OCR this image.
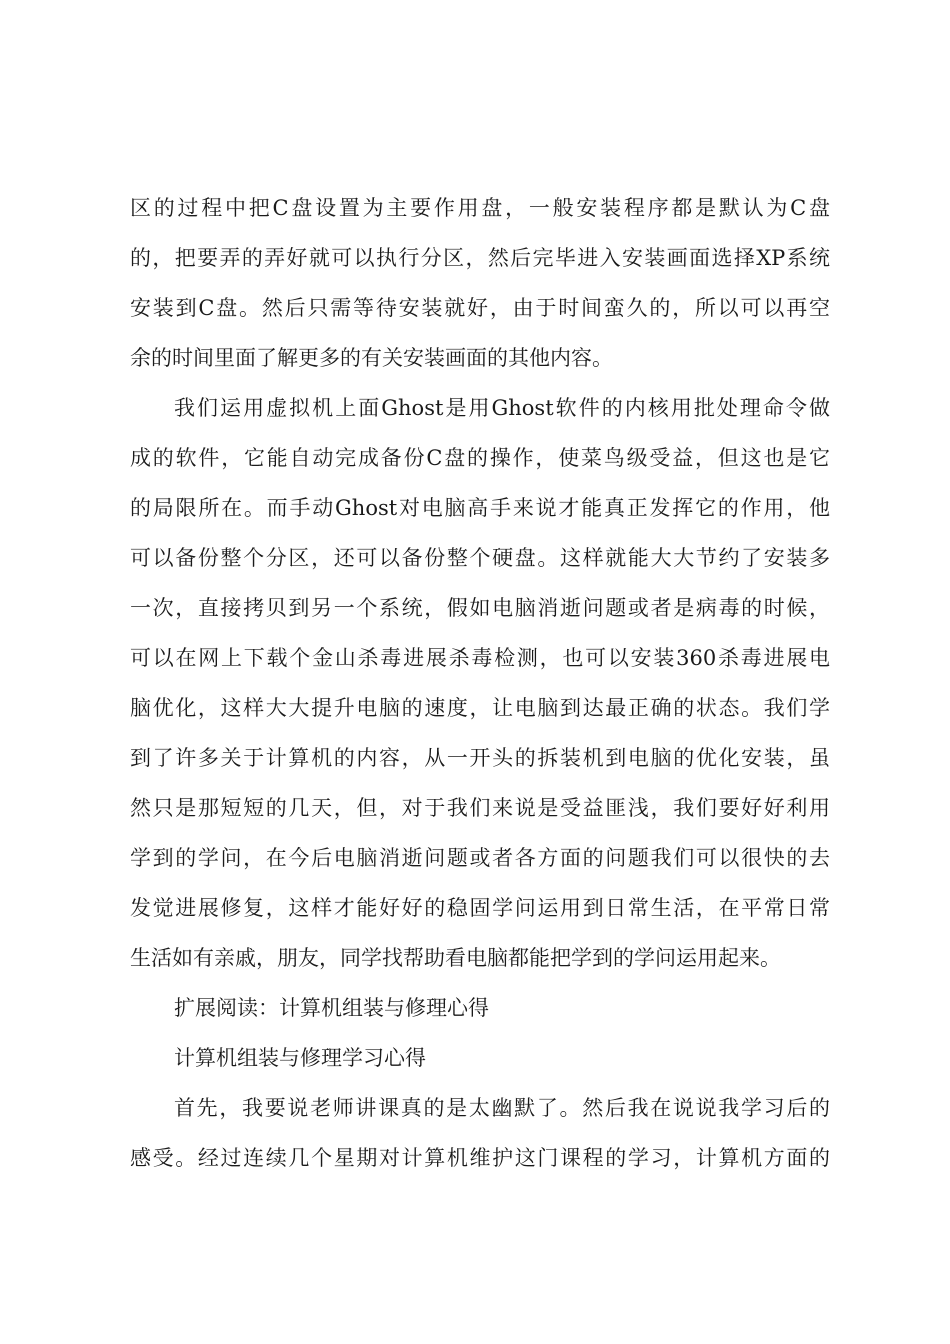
区的过程中把C盘设置为主要作用盘，一般安装程序都是默认为C盘
的，把要弄的弄好就可以执行分区，然后完毕进入安装画面选择XP系统
安装到C盘。然后只需等待安装就好，由于时间蛮久的，所以可以再空
余的时间里面了解更多的有关安装画面的其他内容。
我们运用虚拟机上面Ghost是用Ghost软件的内核用批处理命令做
成的软件，它能自动完成备份C盘的操作，使菜鸟级受益，但这也是它
的局限所在。而手动Ghost对电脑高手来说才能真正发挥它的作用，他
可以备份整个分区，还可以备份整个硬盘。这样就能大大节约了安装多
一次，直接拷贝到另一个系统，假如电脑消逝问题或者是病毒的时候，
可以在网上下载个金山杀毒进展杀毒检测，也可以安装360杀毒进展电
脑优化，这样大大提升电脑的速度，让电脑到达最正确的状态。我们学
到了许多关于计算机的内容，从一开头的拆装机到电脑的优化安装，虽
然只是那短短的几天，但，对于我们来说是受益匪浅，我们要好好利用
学到的学问，在今后电脑消逝问题或者各方面的问题我们可以很快的去
发觉进展修复，这样才能好好的稳固学问运用到日常生活，在平常日常
生活如有亲戚，朋友，同学找帮助看电脑都能把学到的学问运用起来。
扩展阅读：计算机组装与修理心得
计算机组装与修理学习心得
首先，我要说老师讲课真的是太幽默了。然后我在说说我学习后的
感受。经过连续几个星期对计算机维护这门课程的学习，计算机方面的
